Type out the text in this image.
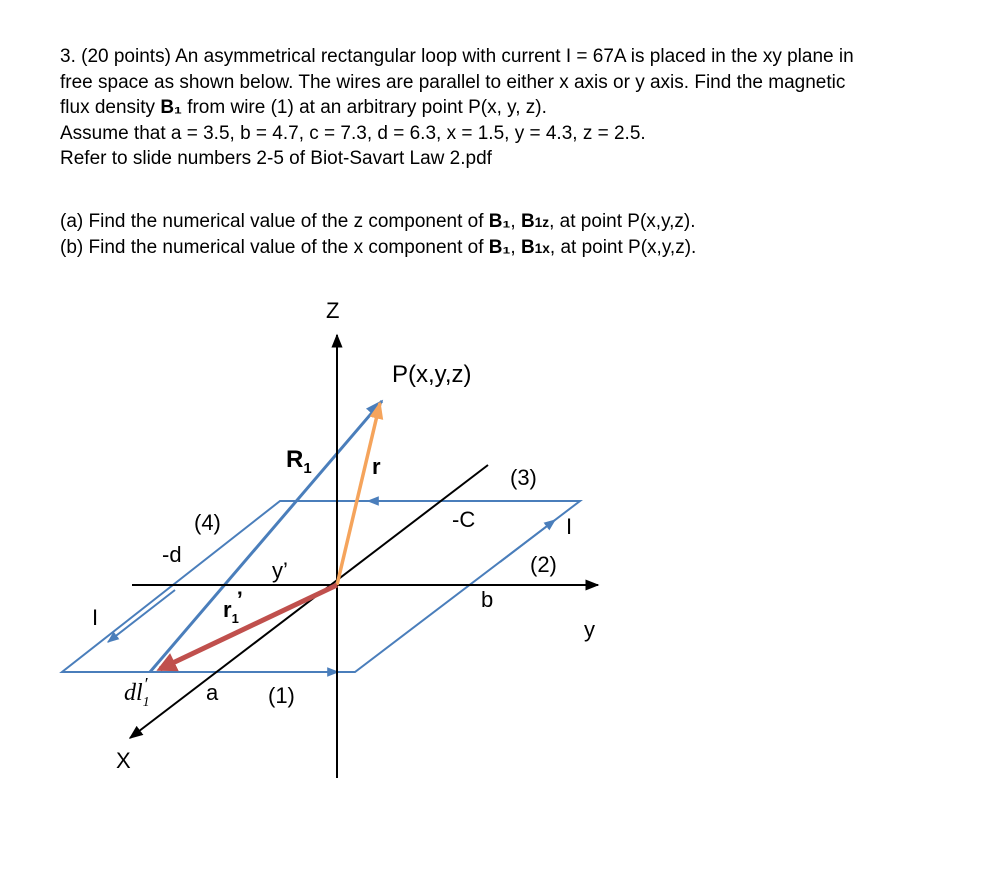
3. (20 points) An asymmetrical rectangular loop with current I = 67A is placed in the xy plane in

free space as shown below. The wires are parallel to either x axis or y axis. Find the magnetic

flux density B₁ from wire (1) at an arbitrary point P(x, y, z).

Assume that a = 3.5, b = 4.7, c = 7.3, d = 6.3, x = 1.5, y = 4.3, z = 2.5.

Refer to slide numbers 2-5 of Biot-Savart Law 2.pdf

(a) Find the numerical value of the z component of B₁, B1z, at point P(x,y,z).

(b) Find the numerical value of the x component of B₁, B1x, at point P(x,y,z).

Z
y
X
P(x,y,z)
r
$R_1$
(1)
(2)
(3)
(4)
-d
-C
b
a
y’
$r_1$’
$dl_1'$
I
I
